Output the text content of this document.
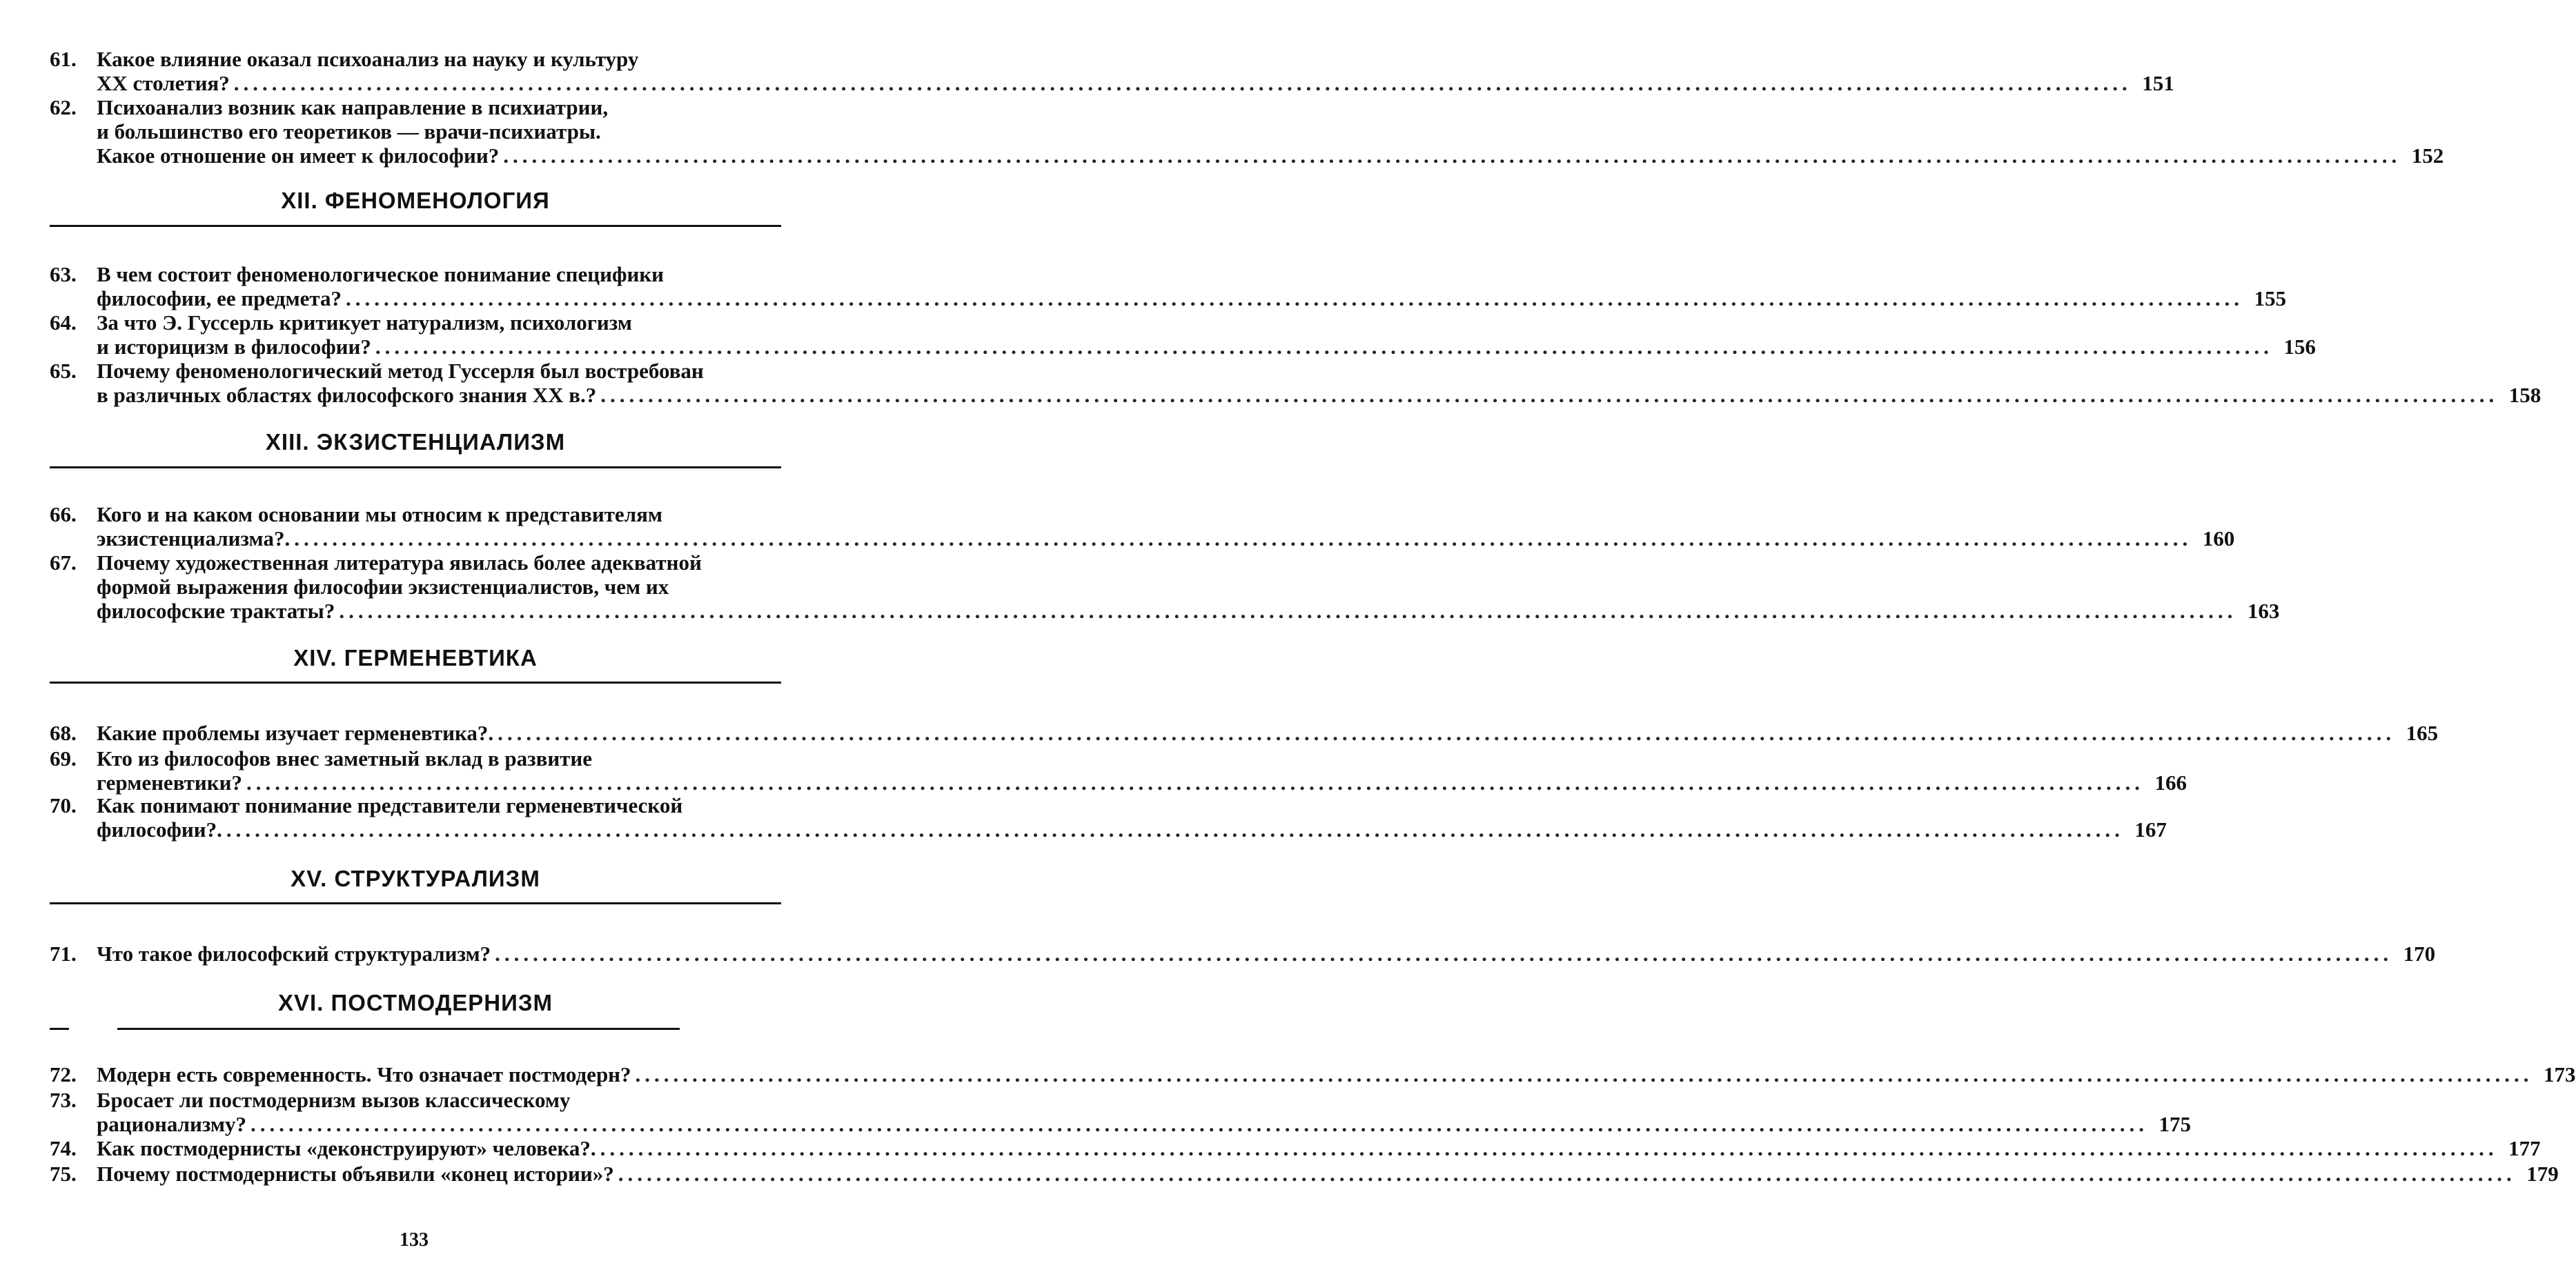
61. Какое влияние оказал психоанализ на науку и культуру
XX столетия? ........................................................................................................................................................................................................ 151
62. Психоанализ возник как направление в психиатрии,
и большинство его теоретиков — врачи-психиатры.
Какое отношение он имеет к философии? ........................................................................................................................................................................................................ 152
XII. ФЕНОМЕНОЛОГИЯ
63. В чем состоит феноменологическое понимание специфики
философии, ее предмета? ........................................................................................................................................................................................................ 155
64. За что Э. Гуссерль критикует натурализм, психологизм
и историцизм в философии? ........................................................................................................................................................................................................ 156
65. Почему феноменологический метод Гуссерля был востребован
в различных областях философского знания XX в.? ........................................................................................................................................................................................................ 158
XIII. ЭКЗИСТЕНЦИАЛИЗМ
66. Кого и на каком основании мы относим к представителям
экзистенциализма?. ........................................................................................................................................................................................................ 160
67. Почему художественная литература явилась более адекватной
формой выражения философии экзистенциалистов, чем их
философские трактаты? ........................................................................................................................................................................................................ 163
XIV. ГЕРМЕНЕВТИКА
68. Какие проблемы изучает герменевтика?. ........................................................................................................................................................................................................ 165
69. Кто из философов внес заметный вклад в развитие
герменевтики? ........................................................................................................................................................................................................ 166
70. Как понимают понимание представители герменевтической
философии?. ........................................................................................................................................................................................................ 167
XV. СТРУКТУРАЛИЗМ
71. Что такое философский структурализм? ........................................................................................................................................................................................................ 170
XVI. ПОСТМОДЕРНИЗМ
72. Модерн есть современность. Что означает постмодерн? ........................................................................................................................................................................................................ 173
73. Бросает ли постмодернизм вызов классическому
рационализму? ........................................................................................................................................................................................................ 175
74. Как постмодернисты «деконструируют» человека?. ........................................................................................................................................................................................................ 177
75. Почему постмодернисты объявили «конец истории»? ........................................................................................................................................................................................................ 179
133
